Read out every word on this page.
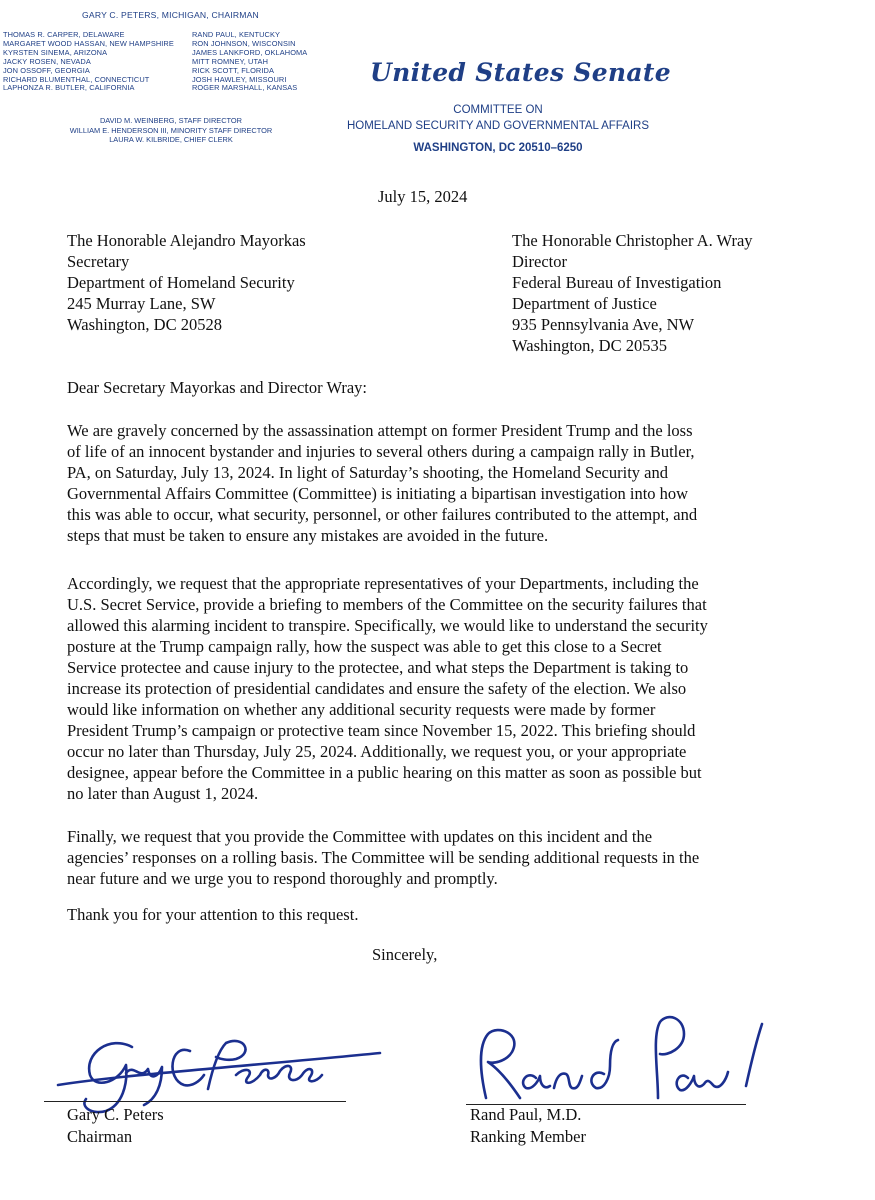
GARY C. PETERS, MICHIGAN, CHAIRMAN
THOMAS R. CARPER, DELAWARE
MARGARET WOOD HASSAN, NEW HAMPSHIRE
KYRSTEN SINEMA, ARIZONA
JACKY ROSEN, NEVADA
JON OSSOFF, GEORGIA
RICHARD BLUMENTHAL, CONNECTICUT
LAPHONZA R. BUTLER, CALIFORNIA
RAND PAUL, KENTUCKY
RON JOHNSON, WISCONSIN
JAMES LANKFORD, OKLAHOMA
MITT ROMNEY, UTAH
RICK SCOTT, FLORIDA
JOSH HAWLEY, MISSOURI
ROGER MARSHALL, KANSAS
DAVID M. WEINBERG, STAFF DIRECTOR
WILLIAM E. HENDERSON III, MINORITY STAFF DIRECTOR
LAURA W. KILBRIDE, CHIEF CLERK
United States Senate
COMMITTEE ON
HOMELAND SECURITY AND GOVERNMENTAL AFFAIRS
WASHINGTON, DC 20510–6250
July 15, 2024
The Honorable Alejandro Mayorkas
Secretary
Department of Homeland Security
245 Murray Lane, SW
Washington, DC 20528
The Honorable Christopher A. Wray
Director
Federal Bureau of Investigation
Department of Justice
935 Pennsylvania Ave, NW
Washington, DC 20535
Dear Secretary Mayorkas and Director Wray:
We are gravely concerned by the assassination attempt on former President Trump and the loss
of life of an innocent bystander and injuries to several others during a campaign rally in Butler,
PA, on Saturday, July 13, 2024. In light of Saturday’s shooting, the Homeland Security and
Governmental Affairs Committee (Committee) is initiating a bipartisan investigation into how
this was able to occur, what security, personnel, or other failures contributed to the attempt, and
steps that must be taken to ensure any mistakes are avoided in the future.
Accordingly, we request that the appropriate representatives of your Departments, including the
U.S. Secret Service, provide a briefing to members of the Committee on the security failures that
allowed this alarming incident to transpire. Specifically, we would like to understand the security
posture at the Trump campaign rally, how the suspect was able to get this close to a Secret
Service protectee and cause injury to the protectee, and what steps the Department is taking to
increase its protection of presidential candidates and ensure the safety of the election. We also
would like information on whether any additional security requests were made by former
President Trump’s campaign or protective team since November 15, 2022. This briefing should
occur no later than Thursday, July 25, 2024. Additionally, we request you, or your appropriate
designee, appear before the Committee in a public hearing on this matter as soon as possible but
no later than August 1, 2024.
Finally, we request that you provide the Committee with updates on this incident and the
agencies’ responses on a rolling basis. The Committee will be sending additional requests in the
near future and we urge you to respond thoroughly and promptly.
Thank you for your attention to this request.
Sincerely,
Gary C Peters
Rand Paul
Gary C. Peters
Chairman
Rand Paul, M.D.
Ranking Member
